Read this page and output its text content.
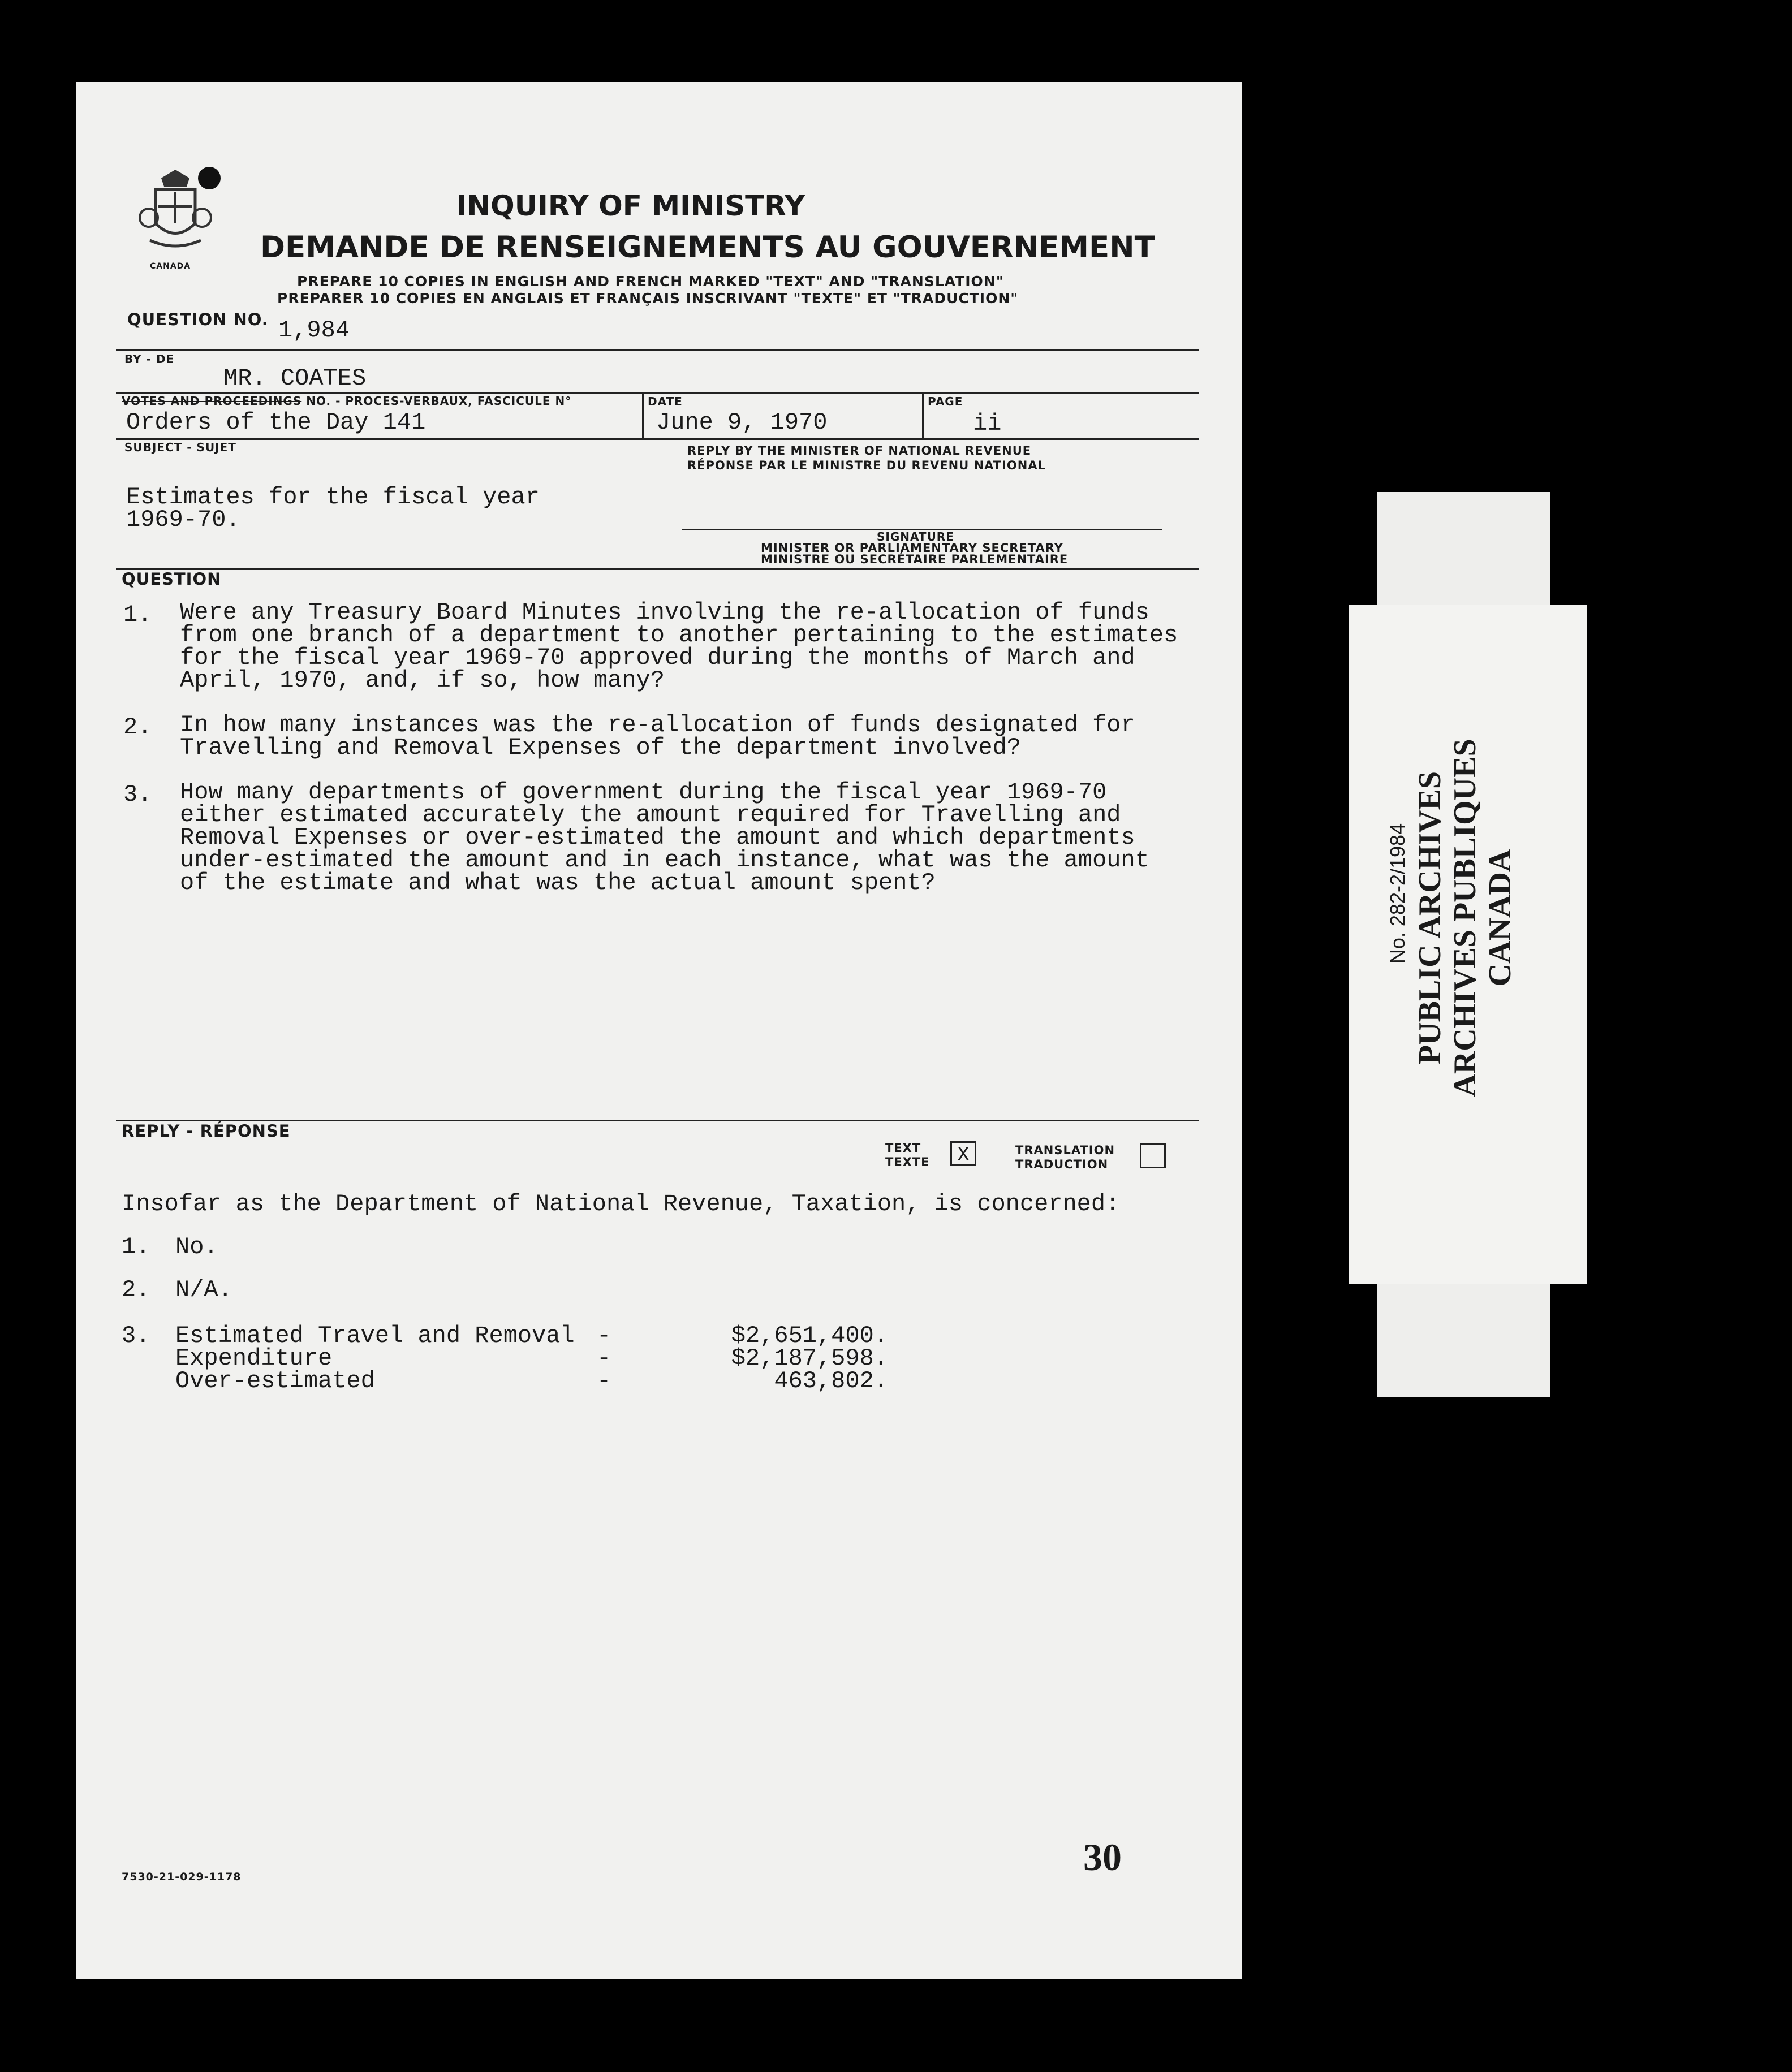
CANADA
INQUIRY OF MINISTRY
DEMANDE DE RENSEIGNEMENTS AU GOUVERNEMENT
PREPARE 10 COPIES IN ENGLISH AND FRENCH MARKED "TEXT" AND "TRANSLATION"
PREPARER 10 COPIES EN ANGLAIS ET FRANÇAIS INSCRIVANT "TEXTE" ET "TRADUCTION"
QUESTION NO. 1,984
BY - DE
MR. COATES
VOTES AND PROCEEDINGS NO. - PROCES-VERBAUX, FASCICULE N°
Orders of the Day 141
DATE
June 9, 1970
PAGE
ii
SUBJECT - SUJET	REPLY BY THE MINISTER OF NATIONAL REVENUE
RÉPONSE PAR LE MINISTRE DU REVENU NATIONAL
Estimates for the fiscal year
1969-70.
SIGNATURE
MINISTER OR PARLIAMENTARY SECRETARY
MINISTRE OU SECRÉTAIRE PARLEMENTAIRE
QUESTION
1. Were any Treasury Board Minutes involving the re-allocation of funds
from one branch of a department to another pertaining to the estimates
for the fiscal year 1969-70 approved during the months of March and
April, 1970, and, if so, how many?
2. In how many instances was the re-allocation of funds designated for
Travelling and Removal Expenses of the department involved?
3. How many departments of government during the fiscal year 1969-70
either estimated accurately the amount required for Travelling and
Removal Expenses or over-estimated the amount and which departments
under-estimated the amount and in each instance, what was the amount
of the estimate and what was the actual amount spent?
REPLY - RÉPONSE
TEXT
TEXTE	X	TRANSLATION
TRADUCTION
Insofar as the Department of National Revenue, Taxation, is concerned:
1. No.
2. N/A.
3. Estimated Travel and Removal -	$2,651,400.
Expenditure	-	$2,187,598.
Over-estimated	-	463,802.
7530-21-029-1178	30
No. 282-2/1984 PUBLIC ARCHIVES ARCHIVES PUBLIQUES CANADA
